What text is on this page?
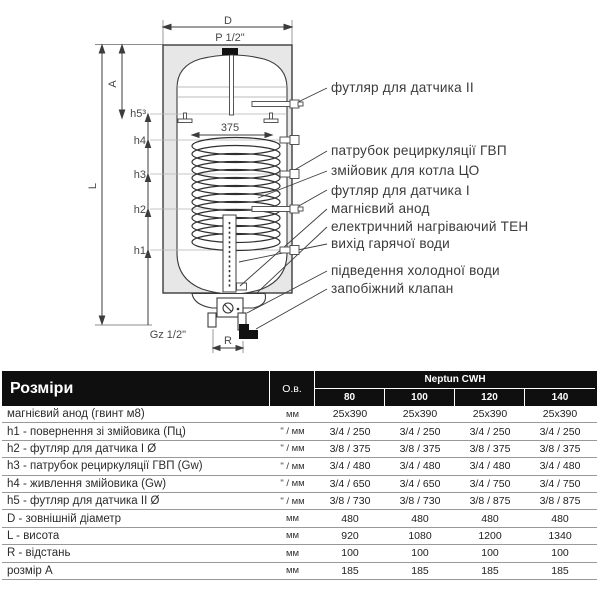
D
P 1/2"
A
L
h5³
h4
h3
h2
h1
375
Gz 1/2"	R
футляр для датчика II
патрубок рециркуляції ГВП
змійовик для котла ЦО
футляр для датчика I
магнієвий анод
електричний нагріваючий ТЕН
вихід гарячої води
підведення холодної води
запобіжний клапан
Розміри	О.в.
Neptun CWH
80	100	120	140
магнієвий анод (гвинт м8)	мм	25x390	25x390	25x390	25x390
h1 - повернення зі змійовика (Пц)	" / мм	3/4 / 250	3/4 / 250	3/4 / 250	3/4 / 250
h2 - футляр для датчика I Ø	" / мм	3/8 / 375	3/8 / 375	3/8 / 375	3/8 / 375
h3 - патрубок рециркуляції ГВП (Gw)	" / мм	3/4 / 480	3/4 / 480	3/4 / 480	3/4 / 480
h4 - живлення змійовика (Gw)	" / мм	3/4 / 650	3/4 / 650	3/4 / 750	3/4 / 750
h5 - футляр для датчика II Ø	" / мм	3/8 / 730	3/8 / 730	3/8 / 875	3/8 / 875
D - зовнішній діаметр	мм	480	480	480	480
L - висота	мм	920	1080	1200	1340
R - відстань	мм	100	100	100	100
розмір A	мм	185	185	185	185
